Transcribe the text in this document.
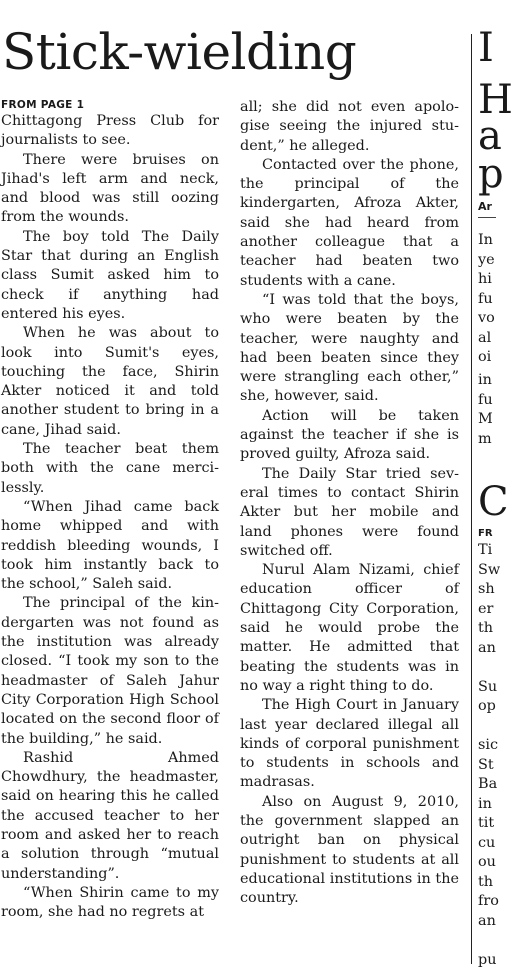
Stick-wielding
FROM PAGE 1

Chittagong Press Club for journalists to see.

There were bruises on Jihad's left arm and neck, and blood was still oozing from the wounds.

The boy told The Daily Star that during an English class Sumit asked him to check if anything had entered his eyes.

When he was about to look into Sumit's eyes, touching the face, Shirin Akter noticed it and told another student to bring in a cane, Jihad said.

The teacher beat them both with the cane mercilessly.

“When Jihad came back home whipped and with reddish bleeding wounds, I took him instantly back to the school,” Saleh said.

The principal of the kindergarten was not found as the institution was already closed. “I took my son to the headmaster of Saleh Jahur City Corporation High School located on the second floor of the building,” he said.

Rashid Ahmed Chowdhury, the headmaster, said on hearing this he called the accused teacher to her room and asked her to reach a solution through “mutual understanding”.

“When Shirin came to my room, she had no regrets at

all; she did not even apologise seeing the injured student,” he alleged.

Contacted over the phone, the principal of the kindergarten, Afroza Akter, said she had heard from another colleague that a teacher had beaten two students with a cane.

“I was told that the boys, who were beaten by the teacher, were naughty and had been beaten since they were strangling each other,” she, however, said.

Action will be taken against the teacher if she is proved guilty, Afroza said.

The Daily Star tried several times to contact Shirin Akter but her mobile and land phones were found switched off.

Nurul Alam Nizami, chief education officer of Chittagong City Corporation, said he would probe the matter. He admitted that beating the students was in no way a right thing to do.

The High Court in January last year declared illegal all kinds of corporal punishment to students in schools and madrasas.

Also on August 9, 2010, the government slapped an outright ban on physical punishment to students at all educational institutions in the country.

I
H
a
p
Ar
In
ye
hi
fu
vo
al
oi
in
fu
M
m
C
FR
Ti
Sw
sh
er
th
an
Su
op
sic
St
Ba
in
tit
cu
ou
th
fro
an
pu
